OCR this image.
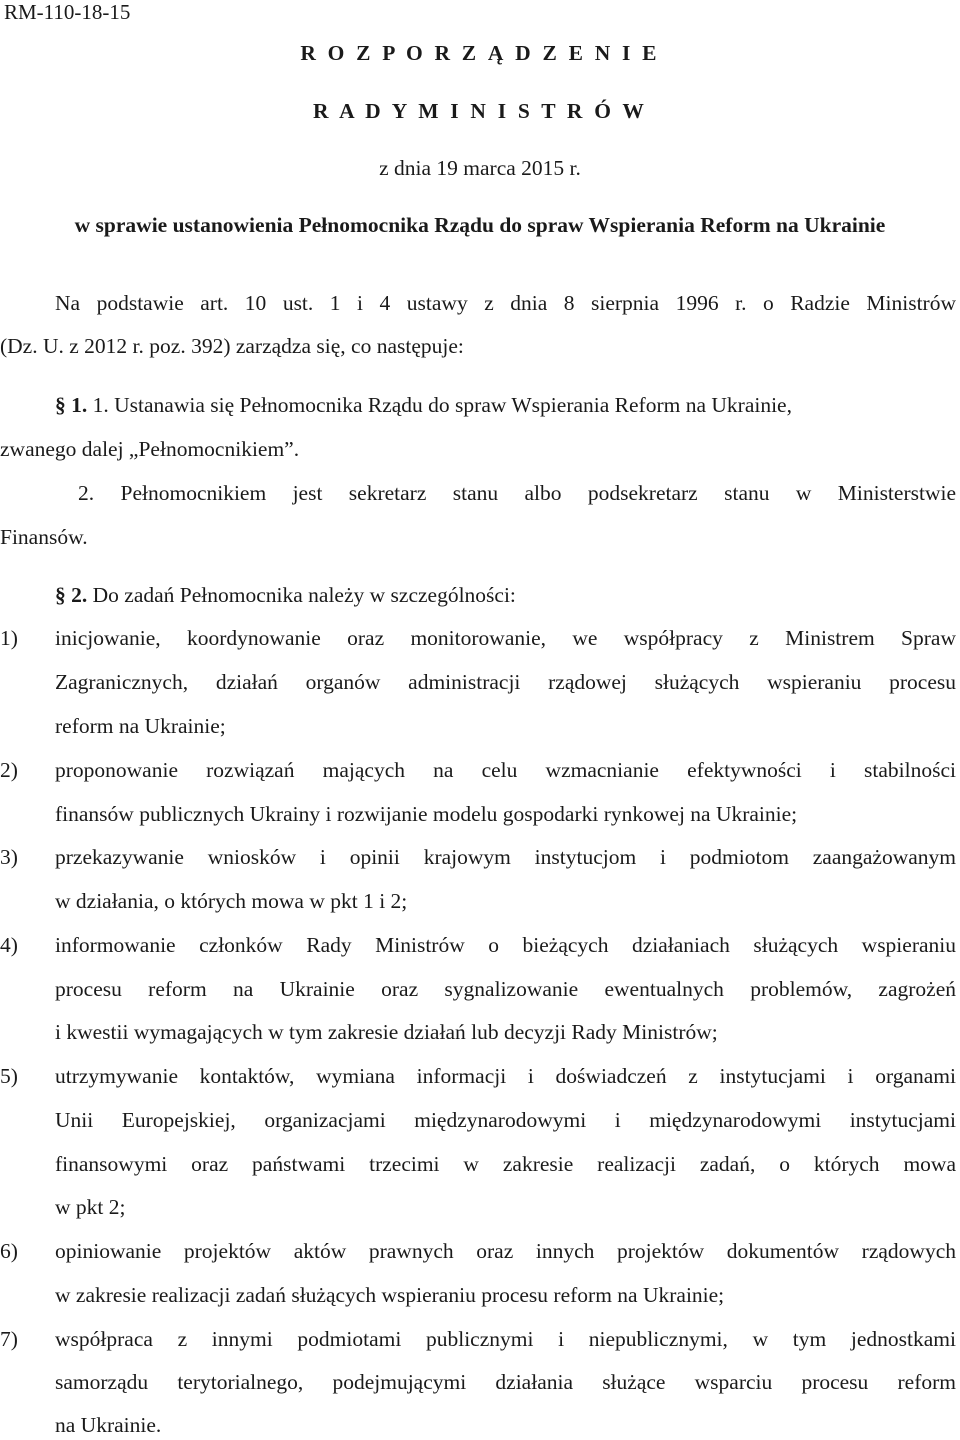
RM-110-18-15
R O Z P O R Z Ą D Z E N I E
R A D Y M I N I S T R Ó W
z dnia 19 marca 2015 r.
w sprawie ustanowienia Pełnomocnika Rządu do spraw Wspierania Reform na Ukrainie
Na podstawie art. 10 ust. 1 i 4 ustawy z dnia 8 sierpnia 1996 r. o Radzie Ministrów
(Dz. U. z 2012 r. poz. 392) zarządza się, co następuje:
§ 1. 1. Ustanawia się Pełnomocnika Rządu do spraw Wspierania Reform na Ukrainie,
zwanego dalej „Pełnomocnikiem”.
2. Pełnomocnikiem jest sekretarz stanu albo podsekretarz stanu w Ministerstwie
Finansów.
§ 2. Do zadań Pełnomocnika należy w szczególności:
1) inicjowanie, koordynowanie oraz monitorowanie, we współpracy z Ministrem Spraw
Zagranicznych, działań organów administracji rządowej służących wspieraniu procesu
reform na Ukrainie;
2) proponowanie rozwiązań mających na celu wzmacnianie efektywności i stabilności
finansów publicznych Ukrainy i rozwijanie modelu gospodarki rynkowej na Ukrainie;
3) przekazywanie wniosków i opinii krajowym instytucjom i podmiotom zaangażowanym
w działania, o których mowa w pkt 1 i 2;
4) informowanie członków Rady Ministrów o bieżących działaniach służących wspieraniu
procesu reform na Ukrainie oraz sygnalizowanie ewentualnych problemów, zagrożeń
i kwestii wymagających w tym zakresie działań lub decyzji Rady Ministrów;
5) utrzymywanie kontaktów, wymiana informacji i doświadczeń z instytucjami i organami
Unii Europejskiej, organizacjami międzynarodowymi i międzynarodowymi instytucjami
finansowymi oraz państwami trzecimi w zakresie realizacji zadań, o których mowa
w pkt 2;
6) opiniowanie projektów aktów prawnych oraz innych projektów dokumentów rządowych
w zakresie realizacji zadań służących wspieraniu procesu reform na Ukrainie;
7) współpraca z innymi podmiotami publicznymi i niepublicznymi, w tym jednostkami
samorządu terytorialnego, podejmującymi działania służące wsparciu procesu reform
na Ukrainie.
